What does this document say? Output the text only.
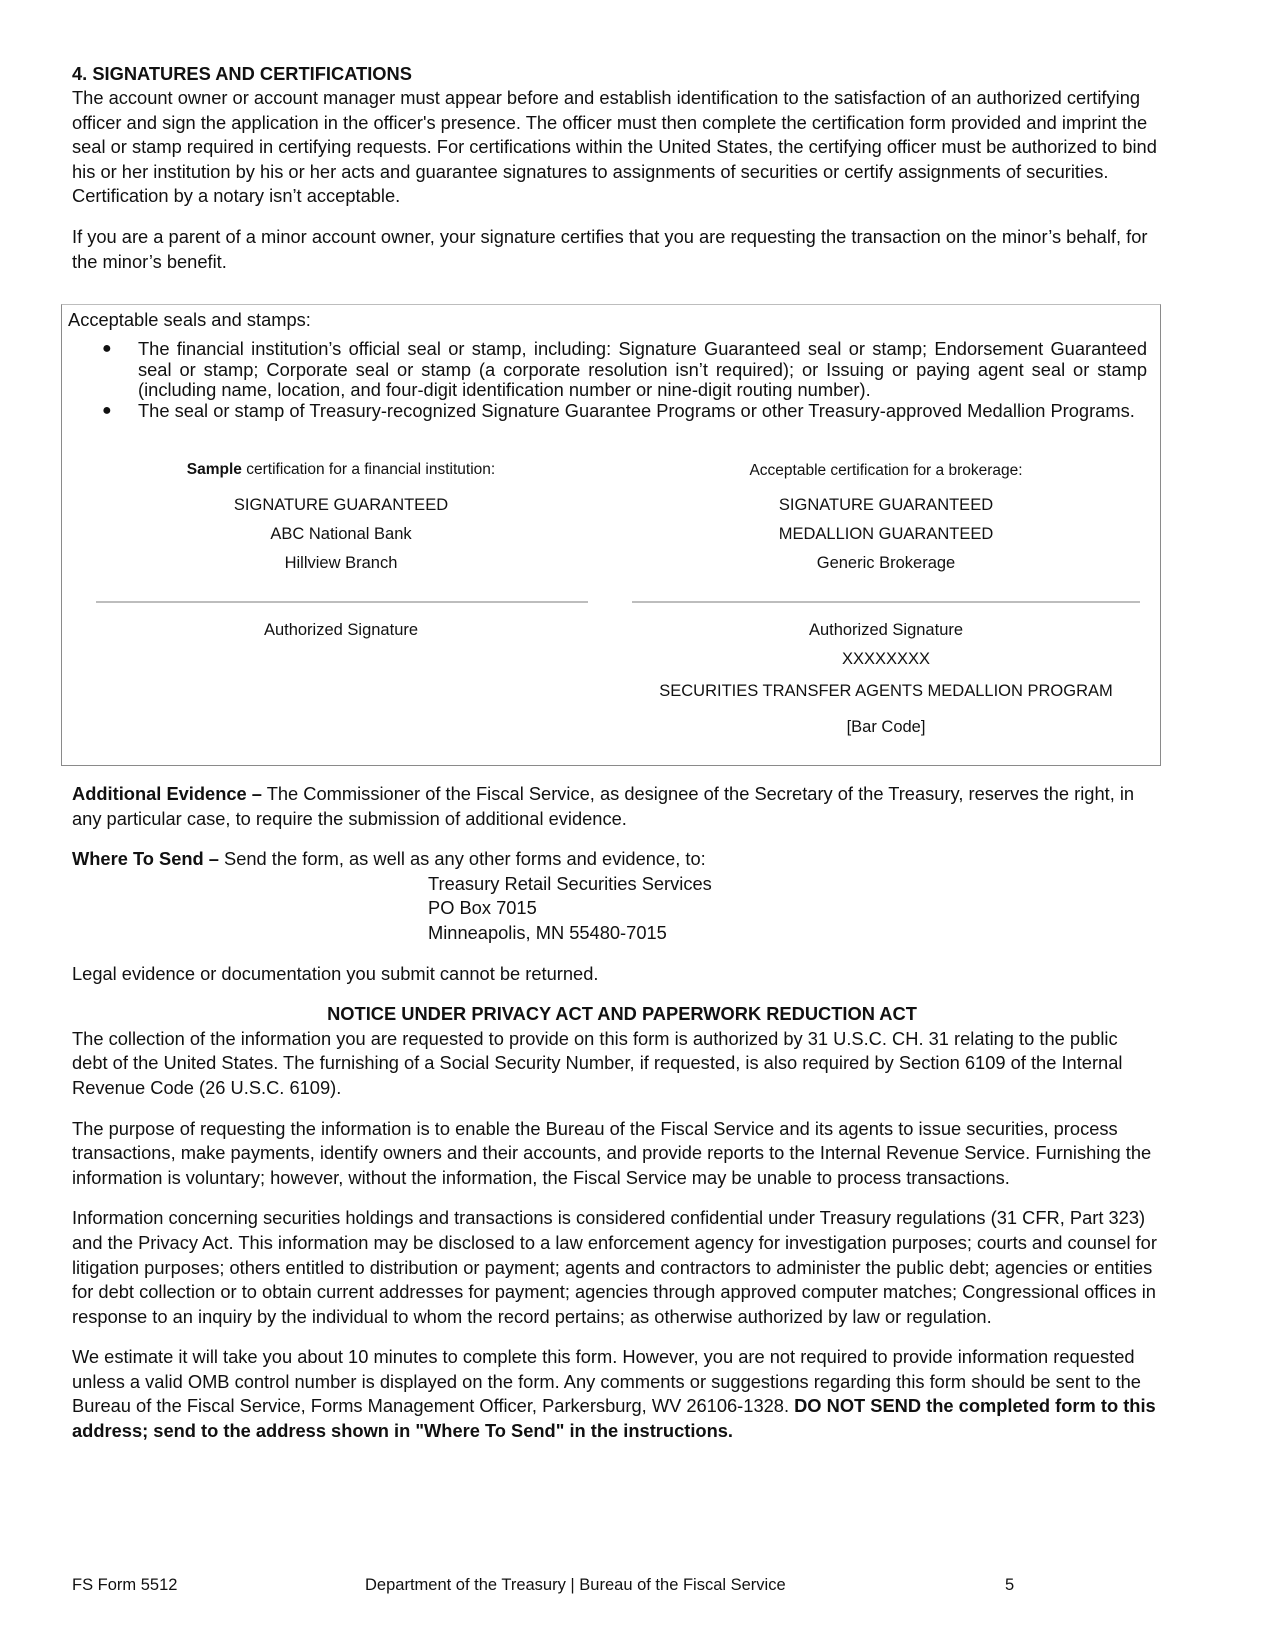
4. SIGNATURES AND CERTIFICATIONS

The account owner or account manager must appear before and establish identification to the satisfaction of an authorized certifying officer and sign the application in the officer's presence. The officer must then complete the certification form provided and imprint the seal or stamp required in certifying requests. For certifications within the United States, the certifying officer must be authorized to bind his or her institution by his or her acts and guarantee signatures to assignments of securities or certify assignments of securities. Certification by a notary isn’t acceptable.

If you are a parent of a minor account owner, your signature certifies that you are requesting the transaction on the minor’s behalf, for the minor’s benefit.

Acceptable seals and stamps:
●	The financial institution’s official seal or stamp, including: Signature Guaranteed seal or stamp; Endorsement Guaranteed seal or stamp; Corporate seal or stamp (a corporate resolution isn’t required); or Issuing or paying agent seal or stamp (including name, location, and four-digit identification number or nine-digit routing number).
●	The seal or stamp of Treasury-recognized Signature Guarantee Programs or other Treasury-approved Medallion Programs.
Sample certification for a financial institution:
SIGNATURE GUARANTEED
ABC National Bank
Hillview Branch
Authorized Signature
Acceptable certification for a brokerage:
SIGNATURE GUARANTEED
MEDALLION GUARANTEED
Generic Brokerage
Authorized Signature
XXXXXXXX
SECURITIES TRANSFER AGENTS MEDALLION PROGRAM
[Bar Code]

Additional Evidence – The Commissioner of the Fiscal Service, as designee of the Secretary of the Treasury, reserves the right, in any particular case, to require the submission of additional evidence.

Where To Send – Send the form, as well as any other forms and evidence, to:

Treasury Retail Securities Services

PO Box 7015

Minneapolis, MN 55480-7015

Legal evidence or documentation you submit cannot be returned.

NOTICE UNDER PRIVACY ACT AND PAPERWORK REDUCTION ACT

The collection of the information you are requested to provide on this form is authorized by 31 U.S.C. CH. 31 relating to the public debt of the United States. The furnishing of a Social Security Number, if requested, is also required by Section 6109 of the Internal Revenue Code (26 U.S.C. 6109).

The purpose of requesting the information is to enable the Bureau of the Fiscal Service and its agents to issue securities, process transactions, make payments, identify owners and their accounts, and provide reports to the Internal Revenue Service. Furnishing the information is voluntary; however, without the information, the Fiscal Service may be unable to process transactions.

Information concerning securities holdings and transactions is considered confidential under Treasury regulations (31 CFR, Part 323) and the Privacy Act. This information may be disclosed to a law enforcement agency for investigation purposes; courts and counsel for litigation purposes; others entitled to distribution or payment; agents and contractors to administer the public debt; agencies or entities for debt collection or to obtain current addresses for payment; agencies through approved computer matches; Congressional offices in response to an inquiry by the individual to whom the record pertains; as otherwise authorized by law or regulation.

We estimate it will take you about 10 minutes to complete this form. However, you are not required to provide information requested unless a valid OMB control number is displayed on the form. Any comments or suggestions regarding this form should be sent to the Bureau of the Fiscal Service, Forms Management Officer, Parkersburg, WV 26106-1328. DO NOT SEND the completed form to this address; send to the address shown in "Where To Send" in the instructions.

FS Form 5512	Department of the Treasury | Bureau of the Fiscal Service	5
